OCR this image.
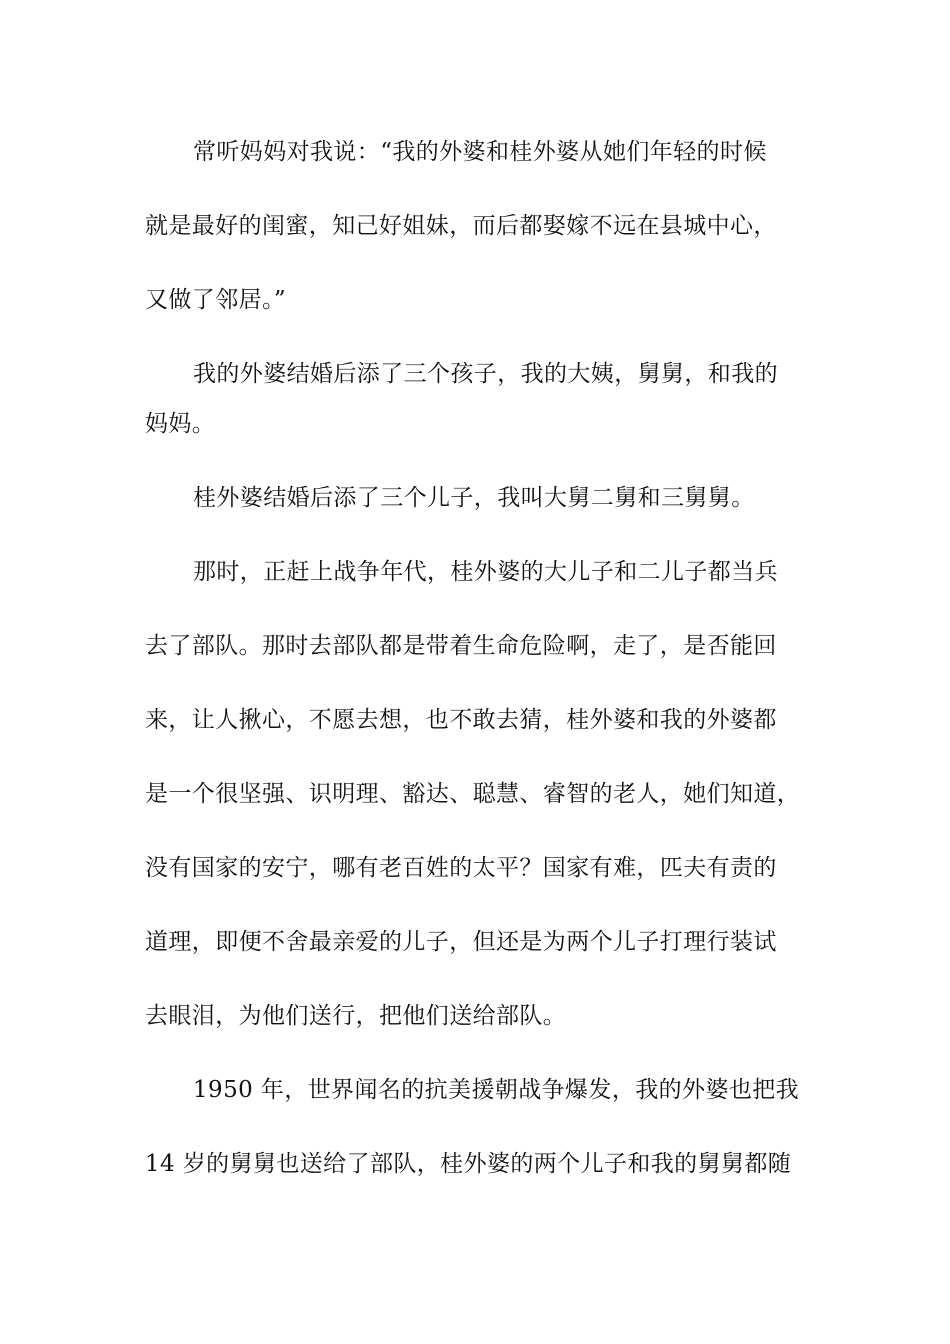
常听妈妈对我说：“我的外婆和桂外婆从她们年轻的时候
就是最好的闺蜜，知己好姐妹，而后都娶嫁不远在县城中心，
又做了邻居。”
我的外婆结婚后添了三个孩子，我的大姨，舅舅，和我的
妈妈。
桂外婆结婚后添了三个儿子，我叫大舅二舅和三舅舅。
那时，正赶上战争年代，桂外婆的大儿子和二儿子都当兵
去了部队。那时去部队都是带着生命危险啊，走了，是否能回
来，让人揪心，不愿去想，也不敢去猜，桂外婆和我的外婆都
是一个很坚强、识明理、豁达、聪慧、睿智的老人，她们知道，
没有国家的安宁，哪有老百姓的太平？国家有难，匹夫有责的
道理，即便不舍最亲爱的儿子，但还是为两个儿子打理行装试
去眼泪，为他们送行，把他们送给部队。
1950 年，世界闻名的抗美援朝战争爆发，我的外婆也把我
14 岁的舅舅也送给了部队，桂外婆的两个儿子和我的舅舅都随
